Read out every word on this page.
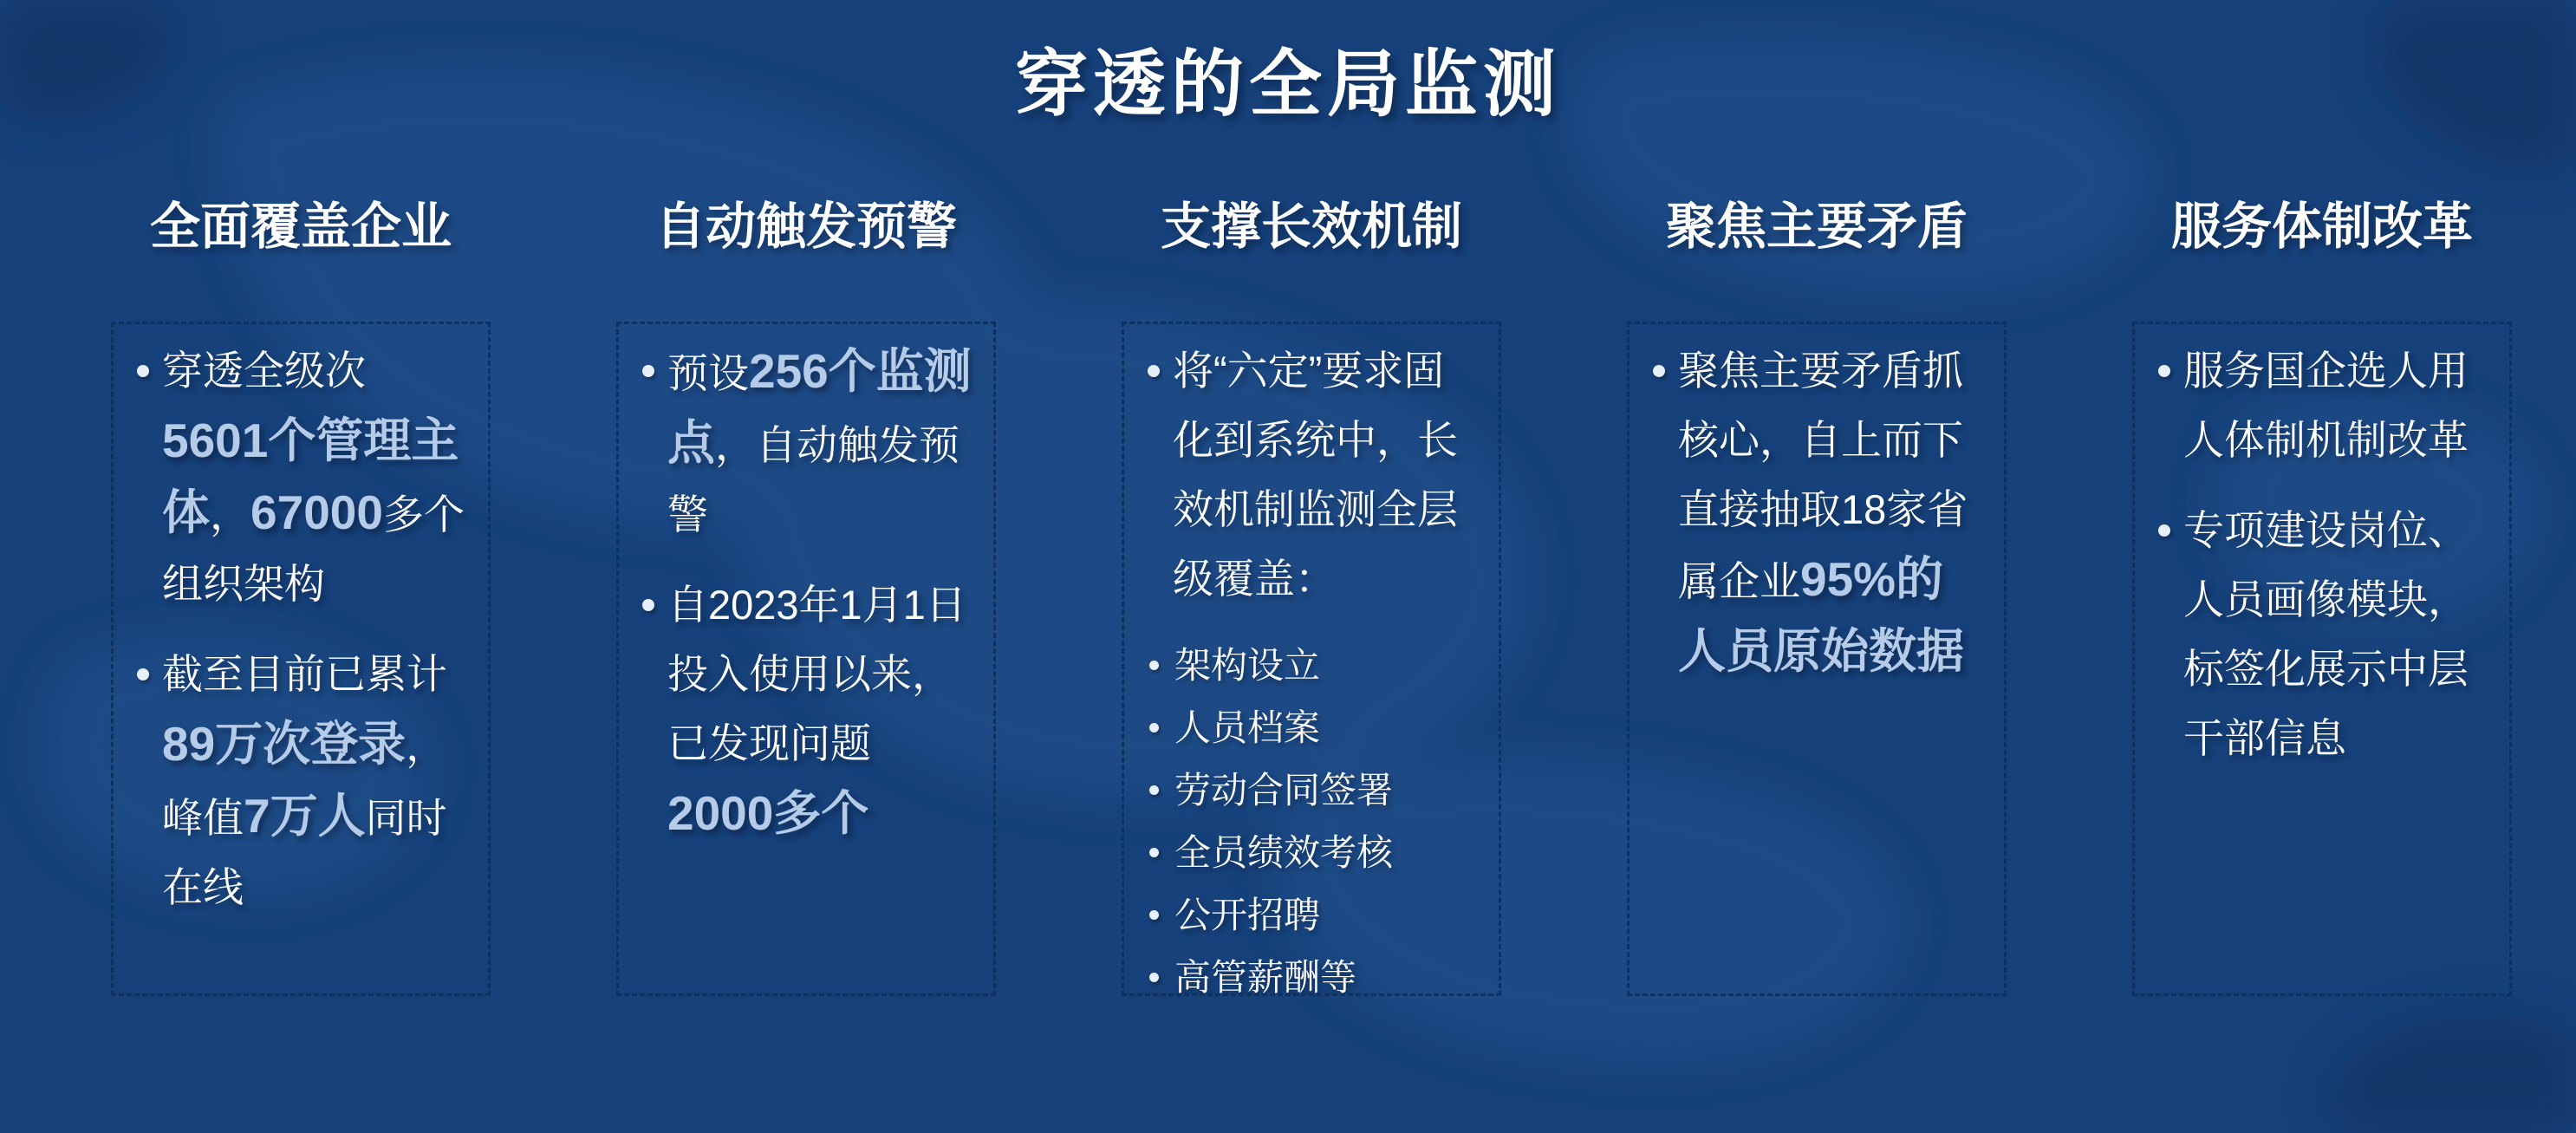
穿透的全局监测
全面覆盖企业

穿透全级次5601个管理主体，67000多个组织架构

截至目前已累计89万次登录，峰值7万人同时在线

自动触发预警

预设256个监测点，自动触发预警

自2023年1月1日投入使用以来，已发现问题2000多个

支撑长效机制

将“六定”要求固化到系统中，长效机制监测全层级覆盖：

架构设立
人员档案
劳动合同签署
全员绩效考核
公开招聘
高管薪酬等
聚焦主要矛盾

聚焦主要矛盾抓核心，自上而下直接抽取18家省属企业95%的人员原始数据

服务体制改革

服务国企选人用人体制机制改革

专项建设岗位、人员画像模块，标签化展示中层干部信息
